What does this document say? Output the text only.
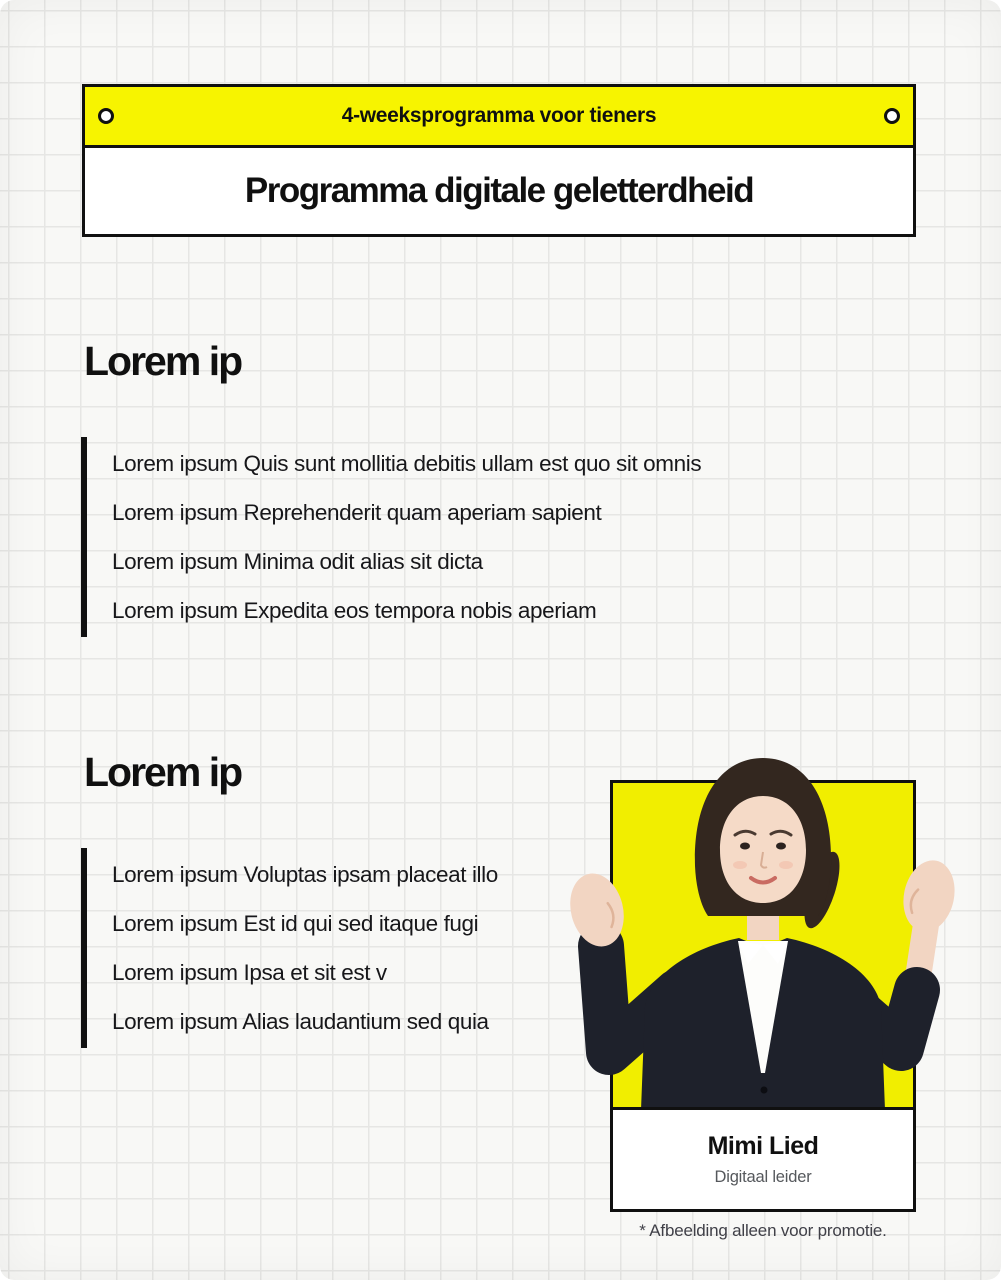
4-weeksprogramma voor tieners
Programma digitale geletterdheid
Lorem ip
Lorem ipsum Quis sunt mollitia debitis ullam est quo sit omnis
Lorem ipsum Reprehenderit quam aperiam sapient
Lorem ipsum Minima odit alias sit dicta
Lorem ipsum Expedita eos tempora nobis aperiam
Lorem ip
Lorem ipsum Voluptas ipsam placeat illo
Lorem ipsum Est id qui sed itaque fugi
Lorem ipsum Ipsa et sit est v
Lorem ipsum Alias laudantium sed quia
Mimi Lied
Digitaal leider
* Afbeelding alleen voor promotie.
